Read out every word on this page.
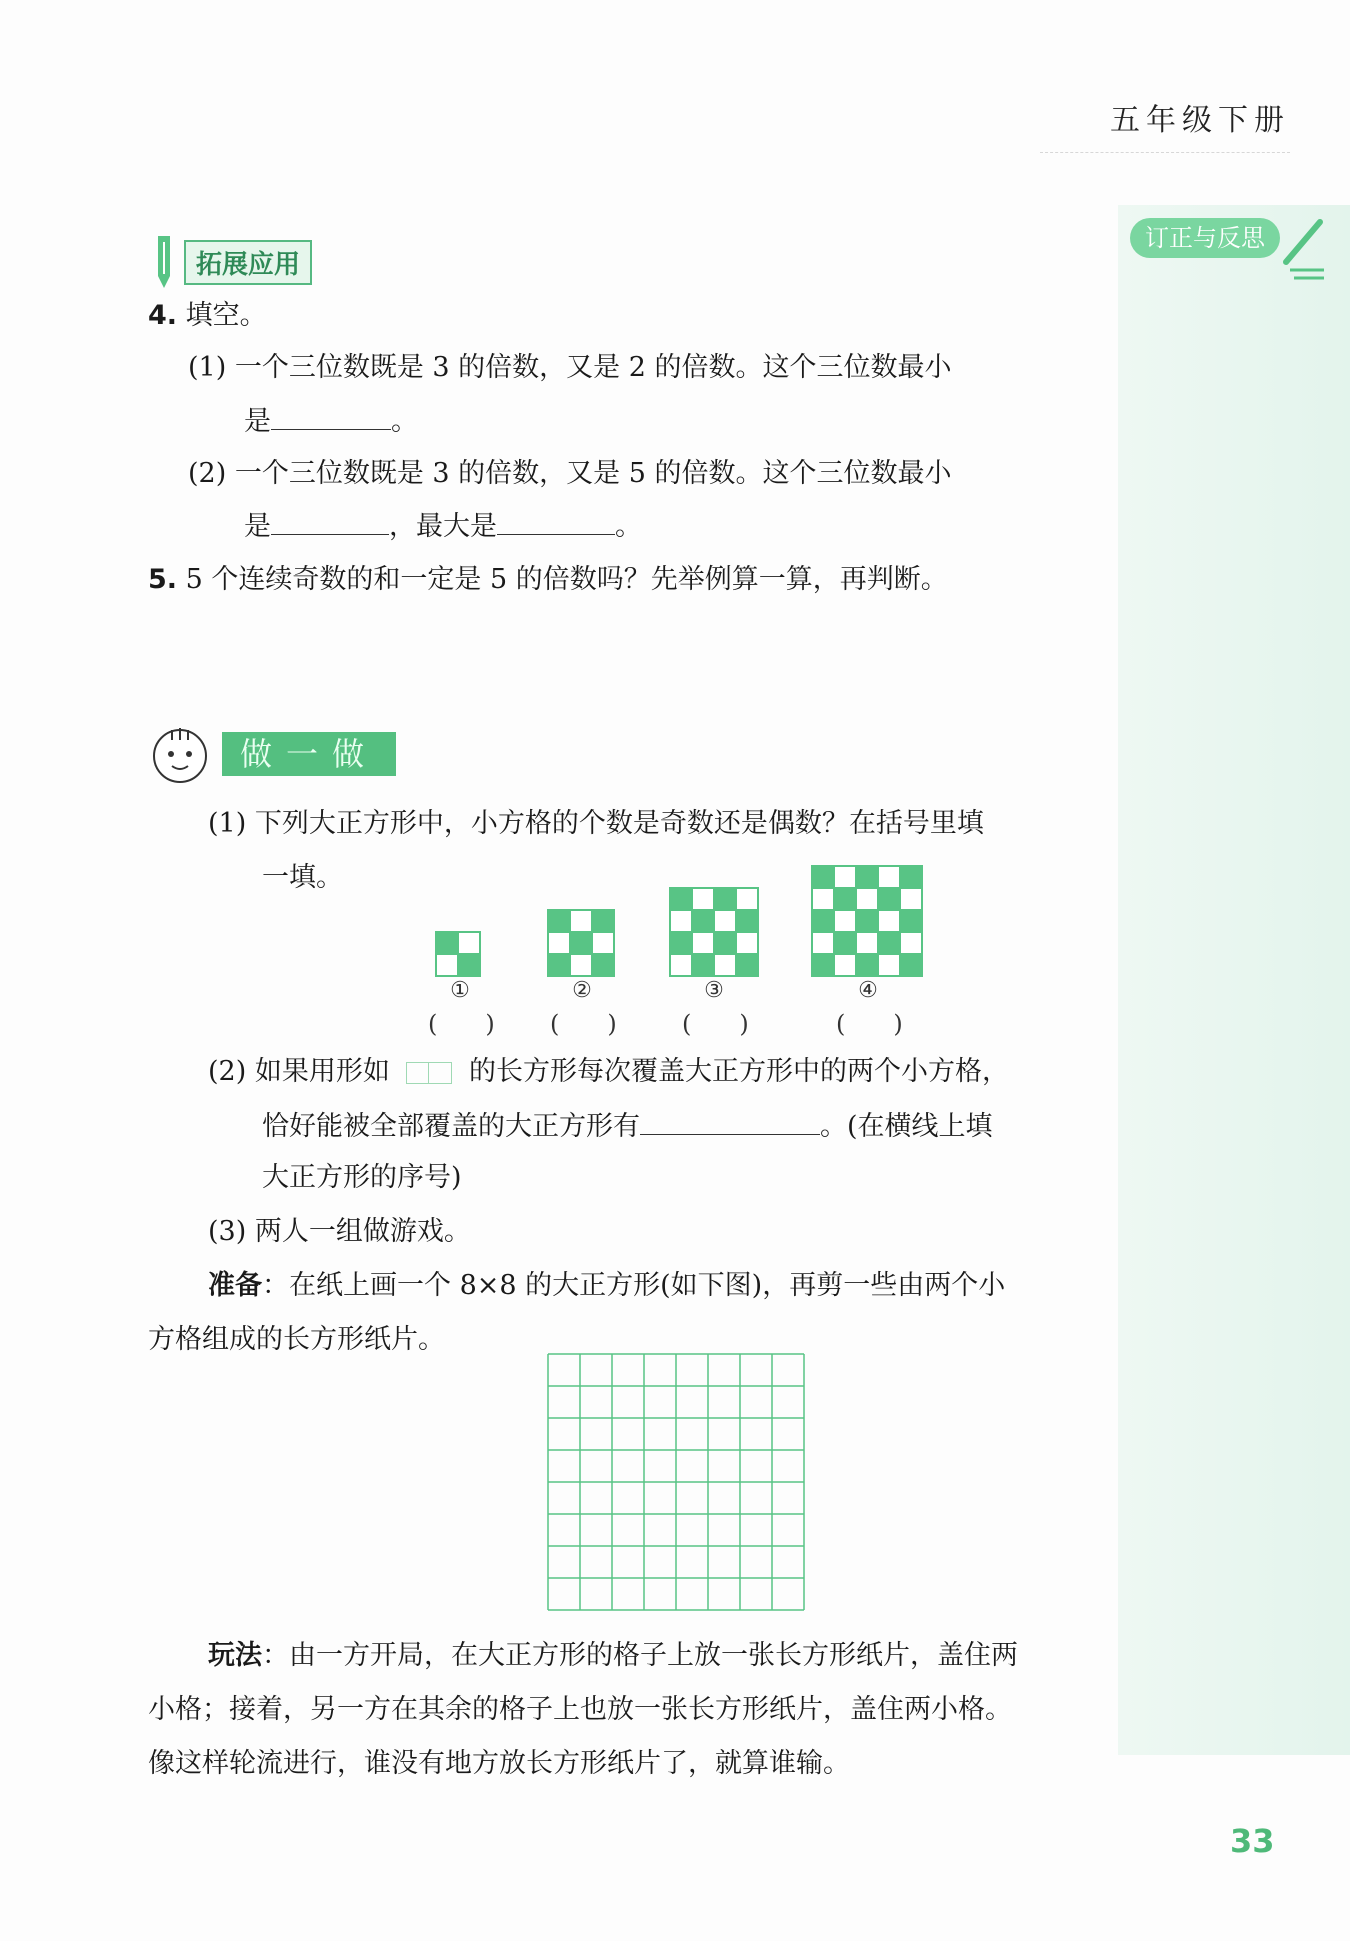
五年级下册
订正与反思
拓展应用
4. 填空。
(1) 一个三位数既是 3 的倍数，又是 2 的倍数。这个三位数最小
是	。
(2) 一个三位数既是 3 的倍数，又是 5 的倍数。这个三位数最小
是	，最大是	。
5. 5 个连续奇数的和一定是 5 的倍数吗？先举例算一算，再判断。
做一做
(1) 下列大正方形中，小方格的个数是奇数还是偶数？在括号里填
一填。
①	②	③	④
(　　) (　　)	(　　)	(　　)
(2) 如果用形如	的长方形每次覆盖大正方形中的两个小方格，
恰好能被全部覆盖的大正方形有	。(在横线上填
大正方形的序号)
(3) 两人一组做游戏。
准备：在纸上画一个 8×8 的大正方形(如下图)，再剪一些由两个小
方格组成的长方形纸片。
玩法：由一方开局，在大正方形的格子上放一张长方形纸片，盖住两
小格；接着，另一方在其余的格子上也放一张长方形纸片，盖住两小格。
像这样轮流进行，谁没有地方放长方形纸片了，就算谁输。
33
